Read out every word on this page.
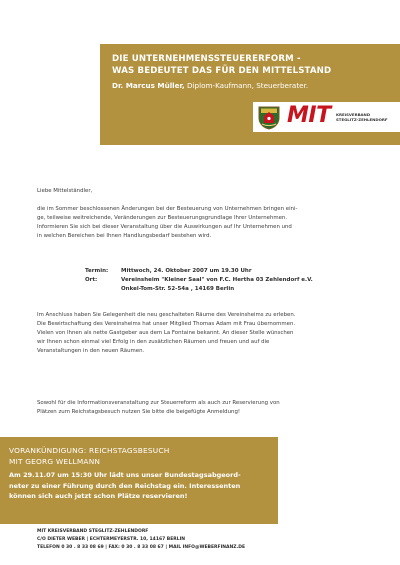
DIE UNTERNEHMENSSTEUERERFORM -
WAS BEDEUTET DAS FÜR DEN MITTELSTAND
Dr. Marcus Müller, Diplom-Kaufmann, Steuerberater.
MIT KREISVERBAND
STEGLITZ-ZEHLENDORF
Liebe Mittelständler,
die im Sommer beschlossenen Änderungen bei der Besteuerung von Unternehmen bringen eini-
ge, teilweise weitreichende, Veränderungen zur Besteuerungsgrundlage Ihrer Unternehmen.
Informieren Sie sich bei dieser Veranstaltung über die Auswirkungen auf Ihr Unternehmen und
in welchen Bereichen bei Ihnen Handlungsbedarf bestehen wird.
Termin:	Mittwoch, 24. Oktober 2007 um 19.30 Uhr
Ort:	Vereinsheim "Kleiner Saal" von F.C. Hertha 03 Zehlendorf e.V.
Onkel-Tom-Str. 52-54a , 14169 Berlin
Im Anschluss haben Sie Gelegenheit die neu geschalteten Räume des Vereinsheims zu erleben.
Die Bewirtschaftung des Vereinsheims hat unser Mitglied Thomas Adam mit Frau übernommen.
Vielen von Ihnen als nette Gastgeber aus dem La Fontaine bekannt. An dieser Stelle wünschen
wir Ihnen schon einmal viel Erfolg in den zusätzlichen Räumen und freuen und auf die
Veranstaltungen in den neuen Räumen.
Sowohl für die Informationsveranstaltung zur Steuerreform als auch zur Reservierung von
Plätzen zum Reichstagsbesuch nutzen Sie bitte die beigefügte Anmeldung!
VORANKÜNDIGUNG: REICHSTAGSBESUCH
MIT GEORG WELLMANN
Am 29.11.07 um 15:30 Uhr lädt uns unser Bundestagsabgeord-
neter zu einer Führung durch den Reichstag ein. Interessenten
können sich auch jetzt schon Plätze reservieren!
MIT KREISVERBAND STEGLITZ-ZEHLENDORF
C/O DIETER WEBER | ECHTERMEYERSTR. 10, 14167 BERLIN
TELEFON 0 30 . 8 33 08 69 | FAX: 0 30 . 8 33 08 67 | MAIL INFO@WEBERFINANZ.DE
